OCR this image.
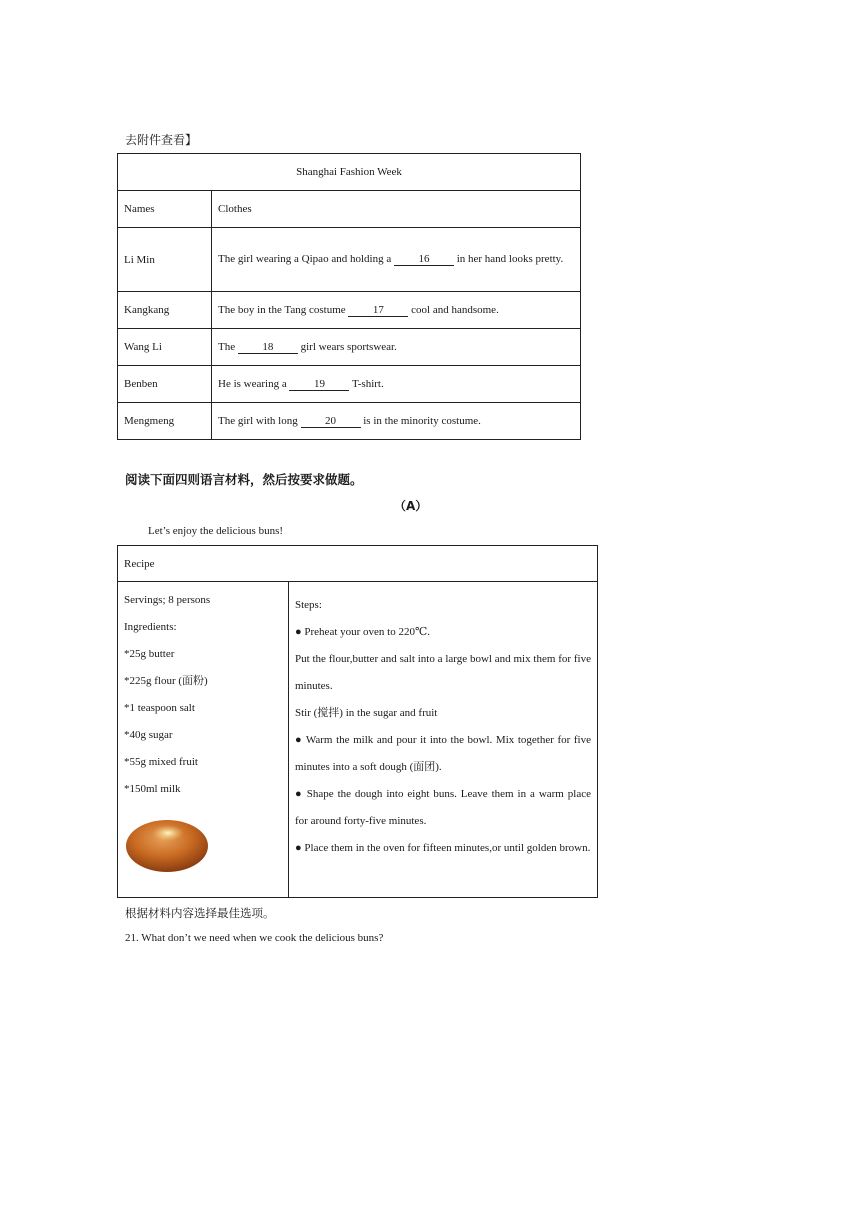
去附件查看】
Shanghai Fashion Week	
Names	Clothes
Li Min	The girl wearing a Qipao and holding a 16 in her hand looks pretty.
Kangkang	The boy in the Tang costume 17 cool and handsome.
Wang Li	The 18 girl wears sportswear.
Benben	He is wearing a 19 T-shirt.
Mengmeng	The girl with long 20 is in the minority costume.
阅读下面四则语言材料，然后按要求做题。
（A）
Let’s enjoy the delicious buns!
Recipe

Servings; 8 persons
Ingredients:
*25g butter
*225g flour (面粉)
*1 teaspoon salt
*40g sugar
*55g mixed fruit
*150ml milk

Steps:
● Preheat your oven to 220℃.
Put the flour,butter and salt into a large bowl and mix them for five minutes.
Stir (搅拌) in the sugar and fruit
● Warm the milk and pour it into the bowl. Mix together for five minutes into a soft dough (面团).
● Shape the dough into eight buns. Leave them in a warm place for around forty-five minutes.
● Place them in the oven for fifteen minutes,or until golden brown.
根据材料内容选择最佳选项。
21. What don’t we need when we cook the delicious buns?
